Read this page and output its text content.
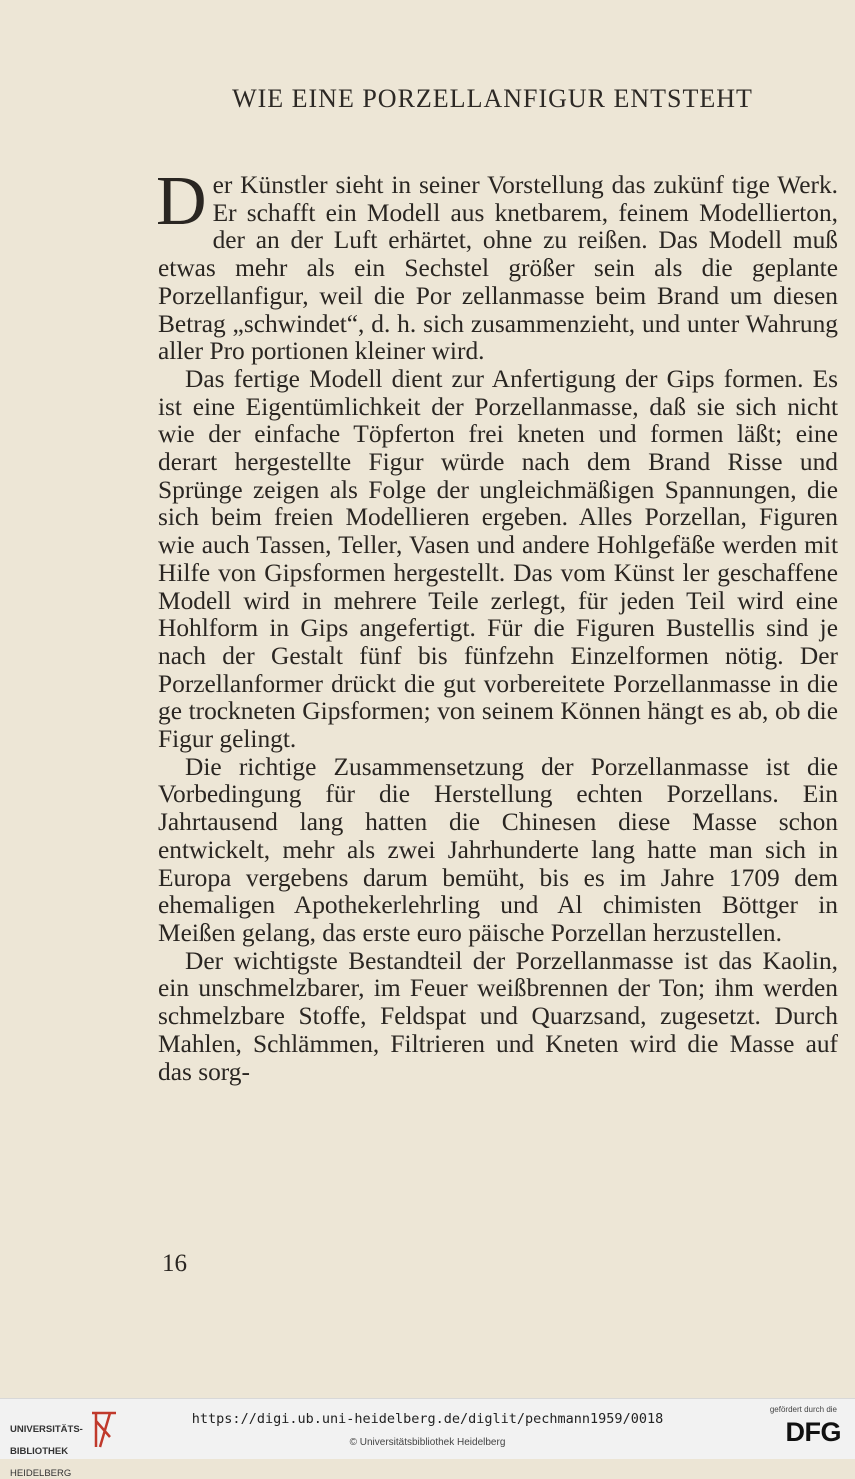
WIE EINE PORZELLANFIGUR ENTSTEHT

D er Künstler sieht in seiner Vorstellung das zukünf tige Werk. Er schafft ein Modell aus knetbarem, feinem Modellierton, der an der Luft erhärtet, ohne zu reißen. Das Modell muß etwas mehr als ein Sechstel größer sein als die geplante Porzellanfigur, weil die Por zellanmasse beim Brand um diesen Betrag „schwindet“, d. h. sich zusammenzieht, und unter Wahrung aller Pro portionen kleiner wird.

Das fertige Modell dient zur Anfertigung der Gips formen. Es ist eine Eigentümlichkeit der Porzellanmasse, daß sie sich nicht wie der einfache Töpferton frei kneten und formen läßt; eine derart hergestellte Figur würde nach dem Brand Risse und Sprünge zeigen als Folge der ungleichmäßigen Spannungen, die sich beim freien Modellieren ergeben. Alles Porzellan, Figuren wie auch Tassen, Teller, Vasen und andere Hohlgefäße werden mit Hilfe von Gipsformen hergestellt. Das vom Künst ler geschaffene Modell wird in mehrere Teile zerlegt, für jeden Teil wird eine Hohlform in Gips angefertigt. Für die Figuren Bustellis sind je nach der Gestalt fünf bis fünfzehn Einzelformen nötig. Der Porzellanformer drückt die gut vorbereitete Porzellanmasse in die ge trockneten Gipsformen; von seinem Können hängt es ab, ob die Figur gelingt.

Die richtige Zusammensetzung der Porzellanmasse ist die Vorbedingung für die Herstellung echten Porzellans. Ein Jahrtausend lang hatten die Chinesen diese Masse schon entwickelt, mehr als zwei Jahrhunderte lang hatte man sich in Europa vergebens darum bemüht, bis es im Jahre 1709 dem ehemaligen Apothekerlehrling und Al chimisten Böttger in Meißen gelang, das erste euro päische Porzellan herzustellen.

Der wichtigste Bestandteil der Porzellanmasse ist das Kaolin, ein unschmelzbarer, im Feuer weißbrennen der Ton; ihm werden schmelzbare Stoffe, Feldspat und Quarzsand, zugesetzt. Durch Mahlen, Schlämmen, Filtrieren und Kneten wird die Masse auf das sorg-

16

UNIVERSITÄTS-

BIBLIOTHEK

HEIDELBERG

https://digi.ub.uni-heidelberg.de/diglit/pechmann1959/0018
© Universitätsbibliothek Heidelberg
gefördert durch die
DFG
